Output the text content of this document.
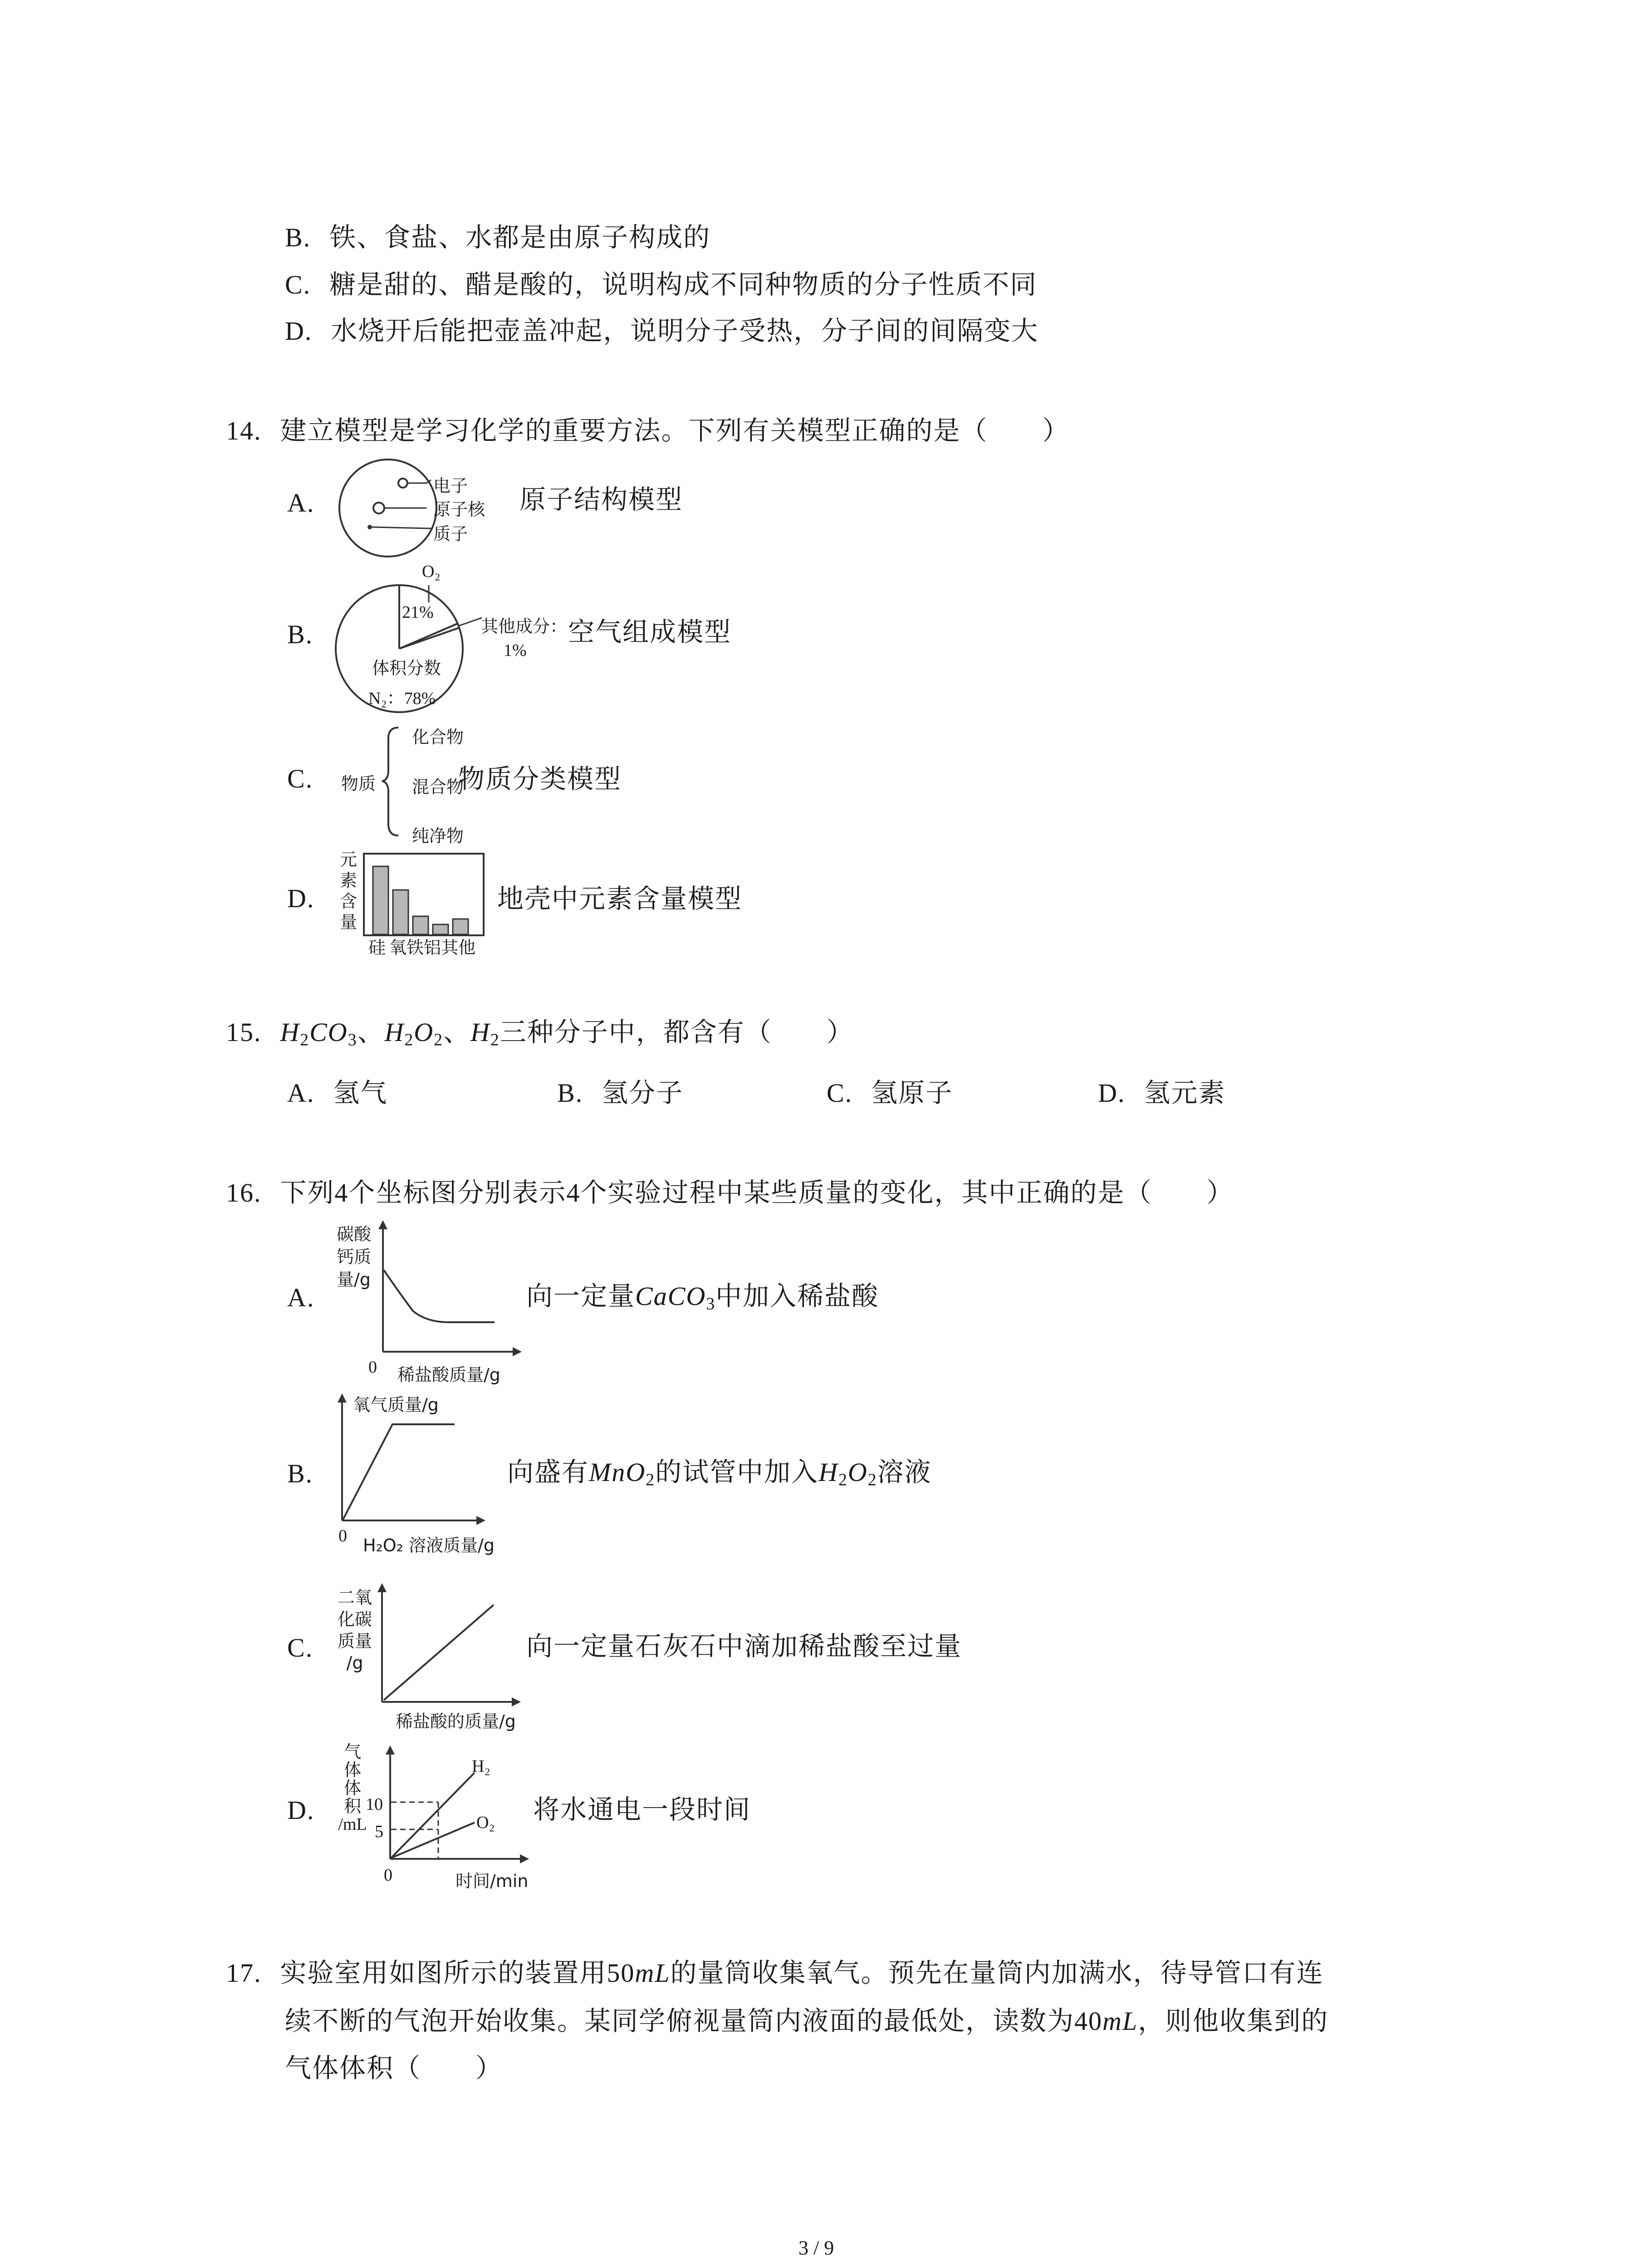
B. 铁、食盐、水都是由原子构成的
C. 糖是甜的、醋是酸的，说明构成不同种物质的分子性质不同
D. 水烧开后能把壶盖冲起，说明分子受热，分子间的间隔变大
14. 建立模型是学习化学的重要方法。下列有关模型正确的是（　　）
A.
电子
原子核
质子
原子结构模型
B.
O₂
21%
其他成分：
1%
体积分数
N₂：78%
空气组成模型
C. 物质
化合物
混合物
纯净物
物质分类模型
D.
元
素
含
量
硅 氧铁铝其他
地壳中元素含量模型
15. $H_2CO_3$、$H_2O_2$、$H_2$三种分子中，都含有（　　）
A. 氢气	B. 氢分子	C. 氢原子	D. 氢元素
16. 下列4个坐标图分别表示4个实验过程中某些质量的变化，其中正确的是（　　）
A.
碳酸
钙质
量/g
0 稀盐酸质量/g
向一定量CaCO$_3$中加入稀盐酸
B.
氧气质量/g
0 H₂O₂ 溶液质量/g
向盛有MnO$_2$的试管中加入$H_2O_2$溶液
C.
二氧
化碳
质量
/g
稀盐酸的质量/g
向一定量石灰石中滴加稀盐酸至过量
D.
气
体
体
积
/mL
10
5
0	时间/min
H₂
O₂ 将水通电一段时间
17. 实验室用如图所示的装置用50mL的量筒收集氧气。预先在量筒内加满水，待导管口有连
续不断的气泡开始收集。某同学俯视量筒内液面的最低处，读数为40mL，则他收集到的
气体体积（　　）
3 / 9
